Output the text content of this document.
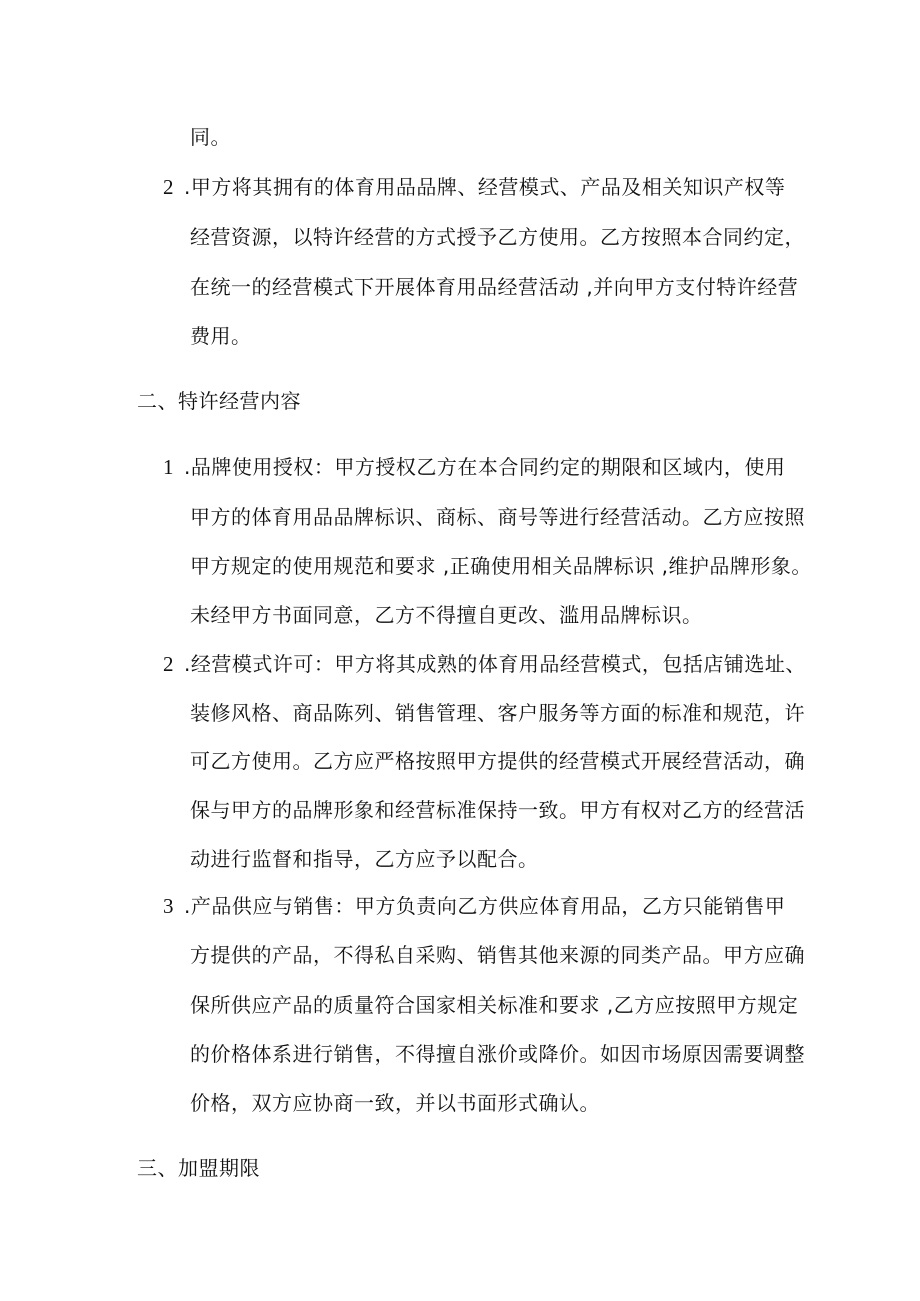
同。
2 .甲方将其拥有的体育用品品牌、经营模式、产品及相关知识产权等
经营资源，以特许经营的方式授予乙方使用。乙方按照本合同约定，
在统一的经营模式下开展体育用品经营活动 ,并向甲方支付特许经营
费用。
二、特许经营内容
1 .品牌使用授权：甲方授权乙方在本合同约定的期限和区域内，使用
甲方的体育用品品牌标识、商标、商号等进行经营活动。乙方应按照
甲方规定的使用规范和要求 ,正确使用相关品牌标识 ,维护品牌形象。
未经甲方书面同意，乙方不得擅自更改、滥用品牌标识。
2 .经营模式许可：甲方将其成熟的体育用品经营模式，包括店铺选址、
装修风格、商品陈列、销售管理、客户服务等方面的标准和规范，许
可乙方使用。乙方应严格按照甲方提供的经营模式开展经营活动，确
保与甲方的品牌形象和经营标准保持一致。甲方有权对乙方的经营活
动进行监督和指导，乙方应予以配合。
3 .产品供应与销售：甲方负责向乙方供应体育用品，乙方只能销售甲
方提供的产品，不得私自采购、销售其他来源的同类产品。甲方应确
保所供应产品的质量符合国家相关标准和要求 ,乙方应按照甲方规定
的价格体系进行销售，不得擅自涨价或降价。如因市场原因需要调整
价格，双方应协商一致，并以书面形式确认。
三、加盟期限
